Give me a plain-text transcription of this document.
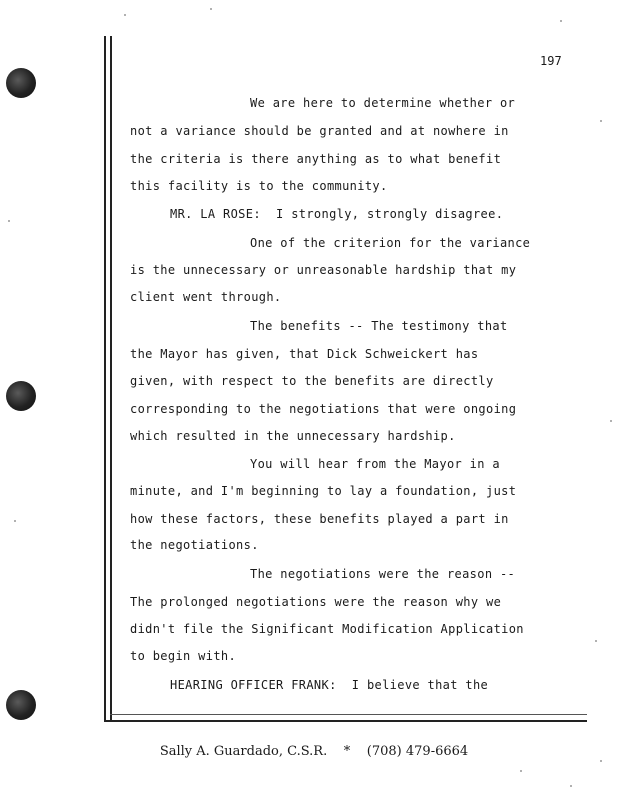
197
We are here to determine whether or
not a variance should be granted and at nowhere in
the criteria is there anything as to what benefit
this facility is to the community.
MR. LA ROSE:  I strongly, strongly disagree.
One of the criterion for the variance
is the unnecessary or unreasonable hardship that my
client went through.
The benefits -- The testimony that
the Mayor has given, that Dick Schweickert has
given, with respect to the benefits are directly
corresponding to the negotiations that were ongoing
which resulted in the unnecessary hardship.
You will hear from the Mayor in a
minute, and I'm beginning to lay a foundation, just
how these factors, these benefits played a part in
the negotiations.
The negotiations were the reason --
The prolonged negotiations were the reason why we
didn't file the Significant Modification Application
to begin with.
HEARING OFFICER FRANK:  I believe that the
Sally A. Guardado, C.S.R. * (708) 479-6664
